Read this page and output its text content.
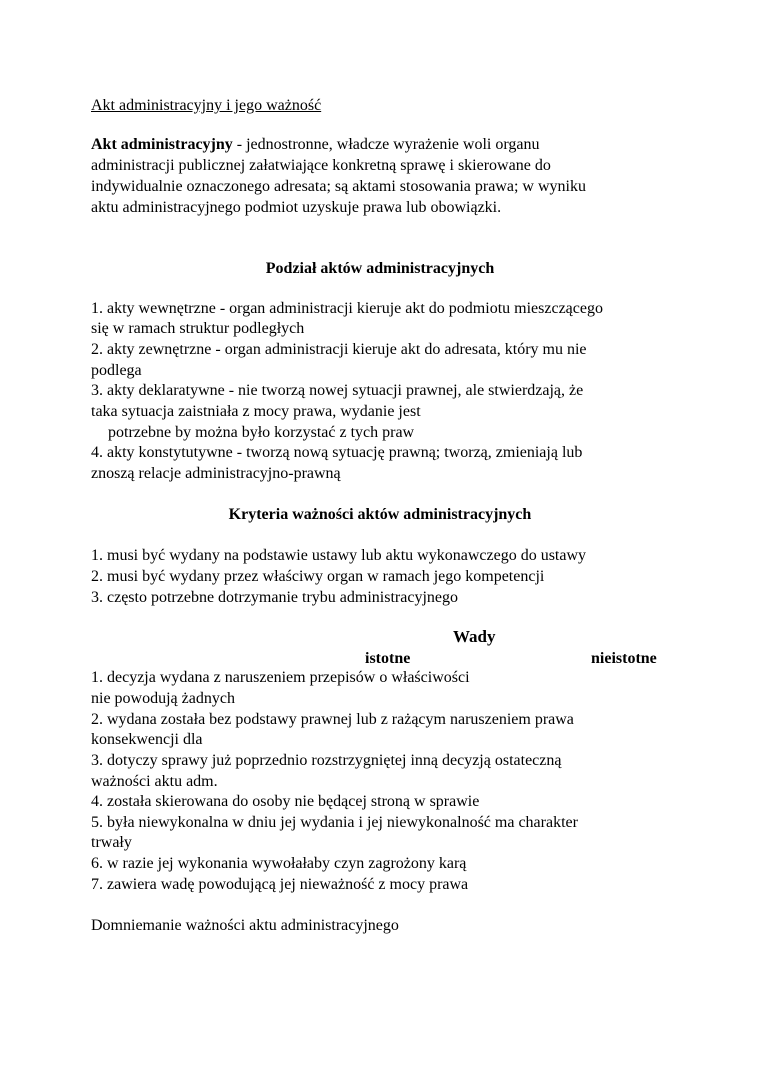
Akt administracyjny i jego ważność
Akt administracyjny - jednostronne, władcze wyrażenie woli organu
administracji publicznej załatwiające konkretną sprawę i skierowane do
indywidualnie oznaczonego adresata; są aktami stosowania prawa; w wyniku
aktu administracyjnego podmiot uzyskuje prawa lub obowiązki.
Podział aktów administracyjnych
1. akty wewnętrzne - organ administracji kieruje akt do podmiotu mieszczącego
się w ramach struktur podległych
2. akty zewnętrzne - organ administracji kieruje akt do adresata, który mu nie
podlega
3. akty deklaratywne - nie tworzą nowej sytuacji prawnej, ale stwierdzają, że
taka sytuacja zaistniała z mocy prawa, wydanie jest
potrzebne by można było korzystać z tych praw
4. akty konstytutywne - tworzą nową sytuację prawną; tworzą, zmieniają lub
znoszą relacje administracyjno-prawną
Kryteria ważności aktów administracyjnych
1. musi być wydany na podstawie ustawy lub aktu wykonawczego do ustawy
2. musi być wydany przez właściwy organ w ramach jego kompetencji
3. często potrzebne dotrzymanie trybu administracyjnego
Wady
istotne	nieistotne
1. decyzja wydana z naruszeniem przepisów o właściwości
nie powodują żadnych
2. wydana została bez podstawy prawnej lub z rażącym naruszeniem prawa
konsekwencji dla
3. dotyczy sprawy już poprzednio rozstrzygniętej inną decyzją ostateczną
ważności aktu adm.
4. została skierowana do osoby nie będącej stroną w sprawie
5. była niewykonalna w dniu jej wydania i jej niewykonalność ma charakter
trwały
6. w razie jej wykonania wywołałaby czyn zagrożony karą
7. zawiera wadę powodującą jej nieważność z mocy prawa
Domniemanie ważności aktu administracyjnego
